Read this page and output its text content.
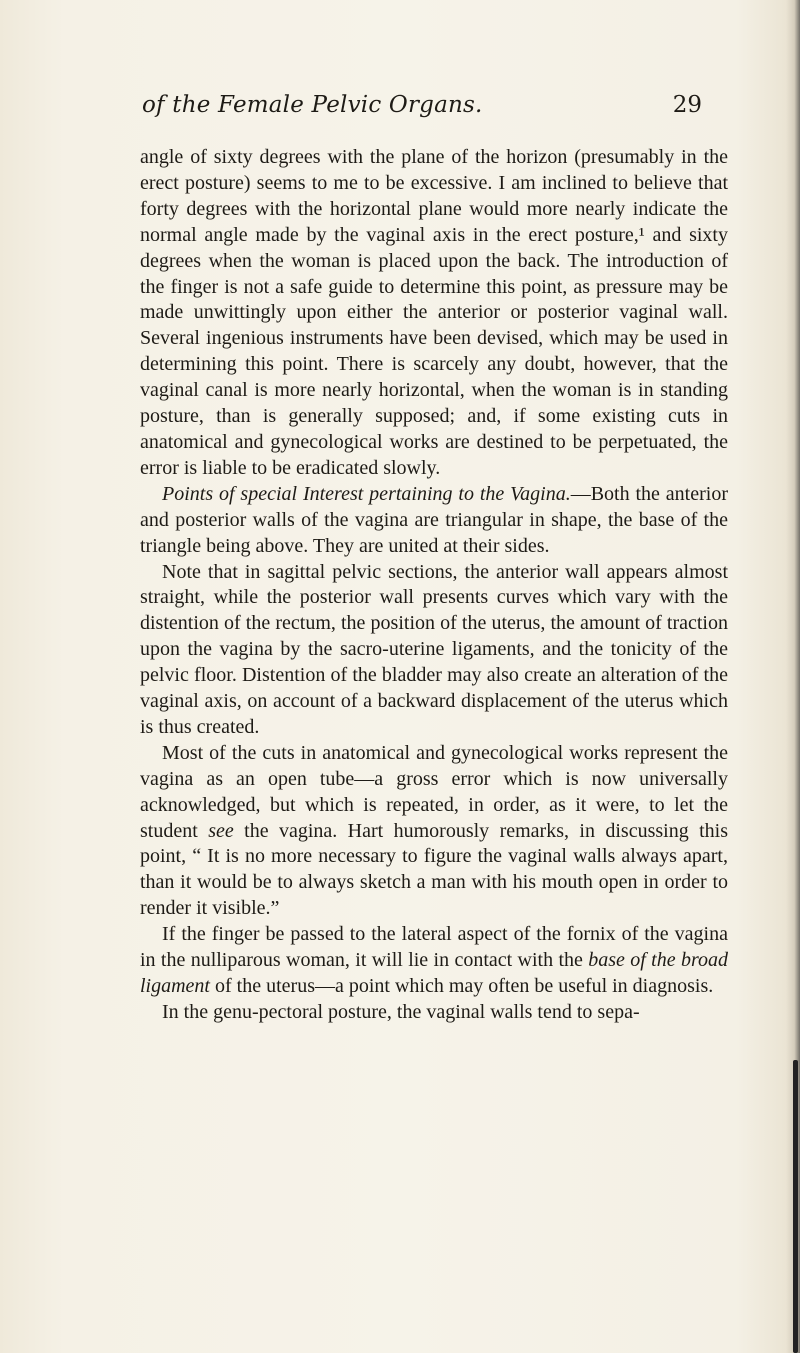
of the Female Pelvic Organs.	29

angle of sixty degrees with the plane of the horizon (presumably in the erect posture) seems to me to be excessive. I am inclined to believe that forty degrees with the horizontal plane would more nearly indicate the normal angle made by the vaginal axis in the erect posture,¹ and sixty degrees when the woman is placed upon the back. The introduction of the finger is not a safe guide to determine this point, as pressure may be made unwittingly upon either the anterior or posterior vaginal wall. Several ingenious instruments have been devised, which may be used in determining this point. There is scarcely any doubt, however, that the vaginal canal is more nearly horizontal, when the woman is in standing posture, than is generally supposed; and, if some existing cuts in anatomical and gynecological works are destined to be perpetuated, the error is liable to be eradicated slowly.

Points of special Interest pertaining to the Vagina.—Both the anterior and posterior walls of the vagina are triangular in shape, the base of the triangle being above. They are united at their sides.

Note that in sagittal pelvic sections, the anterior wall appears almost straight, while the posterior wall presents curves which vary with the distention of the rectum, the position of the uterus, the amount of traction upon the vagina by the sacro-uterine ligaments, and the tonicity of the pelvic floor. Distention of the bladder may also create an alteration of the vaginal axis, on account of a backward displacement of the uterus which is thus created.

Most of the cuts in anatomical and gynecological works represent the vagina as an open tube—a gross error which is now universally acknowledged, but which is repeated, in order, as it were, to let the student see the vagina. Hart humorously remarks, in discussing this point, “ It is no more necessary to figure the vaginal walls always apart, than it would be to always sketch a man with his mouth open in order to render it visible.”

If the finger be passed to the lateral aspect of the fornix of the vagina in the nulliparous woman, it will lie in contact with the base of the broad ligament of the uterus—a point which may often be useful in diagnosis.

In the genu-pectoral posture, the vaginal walls tend to sepa-
